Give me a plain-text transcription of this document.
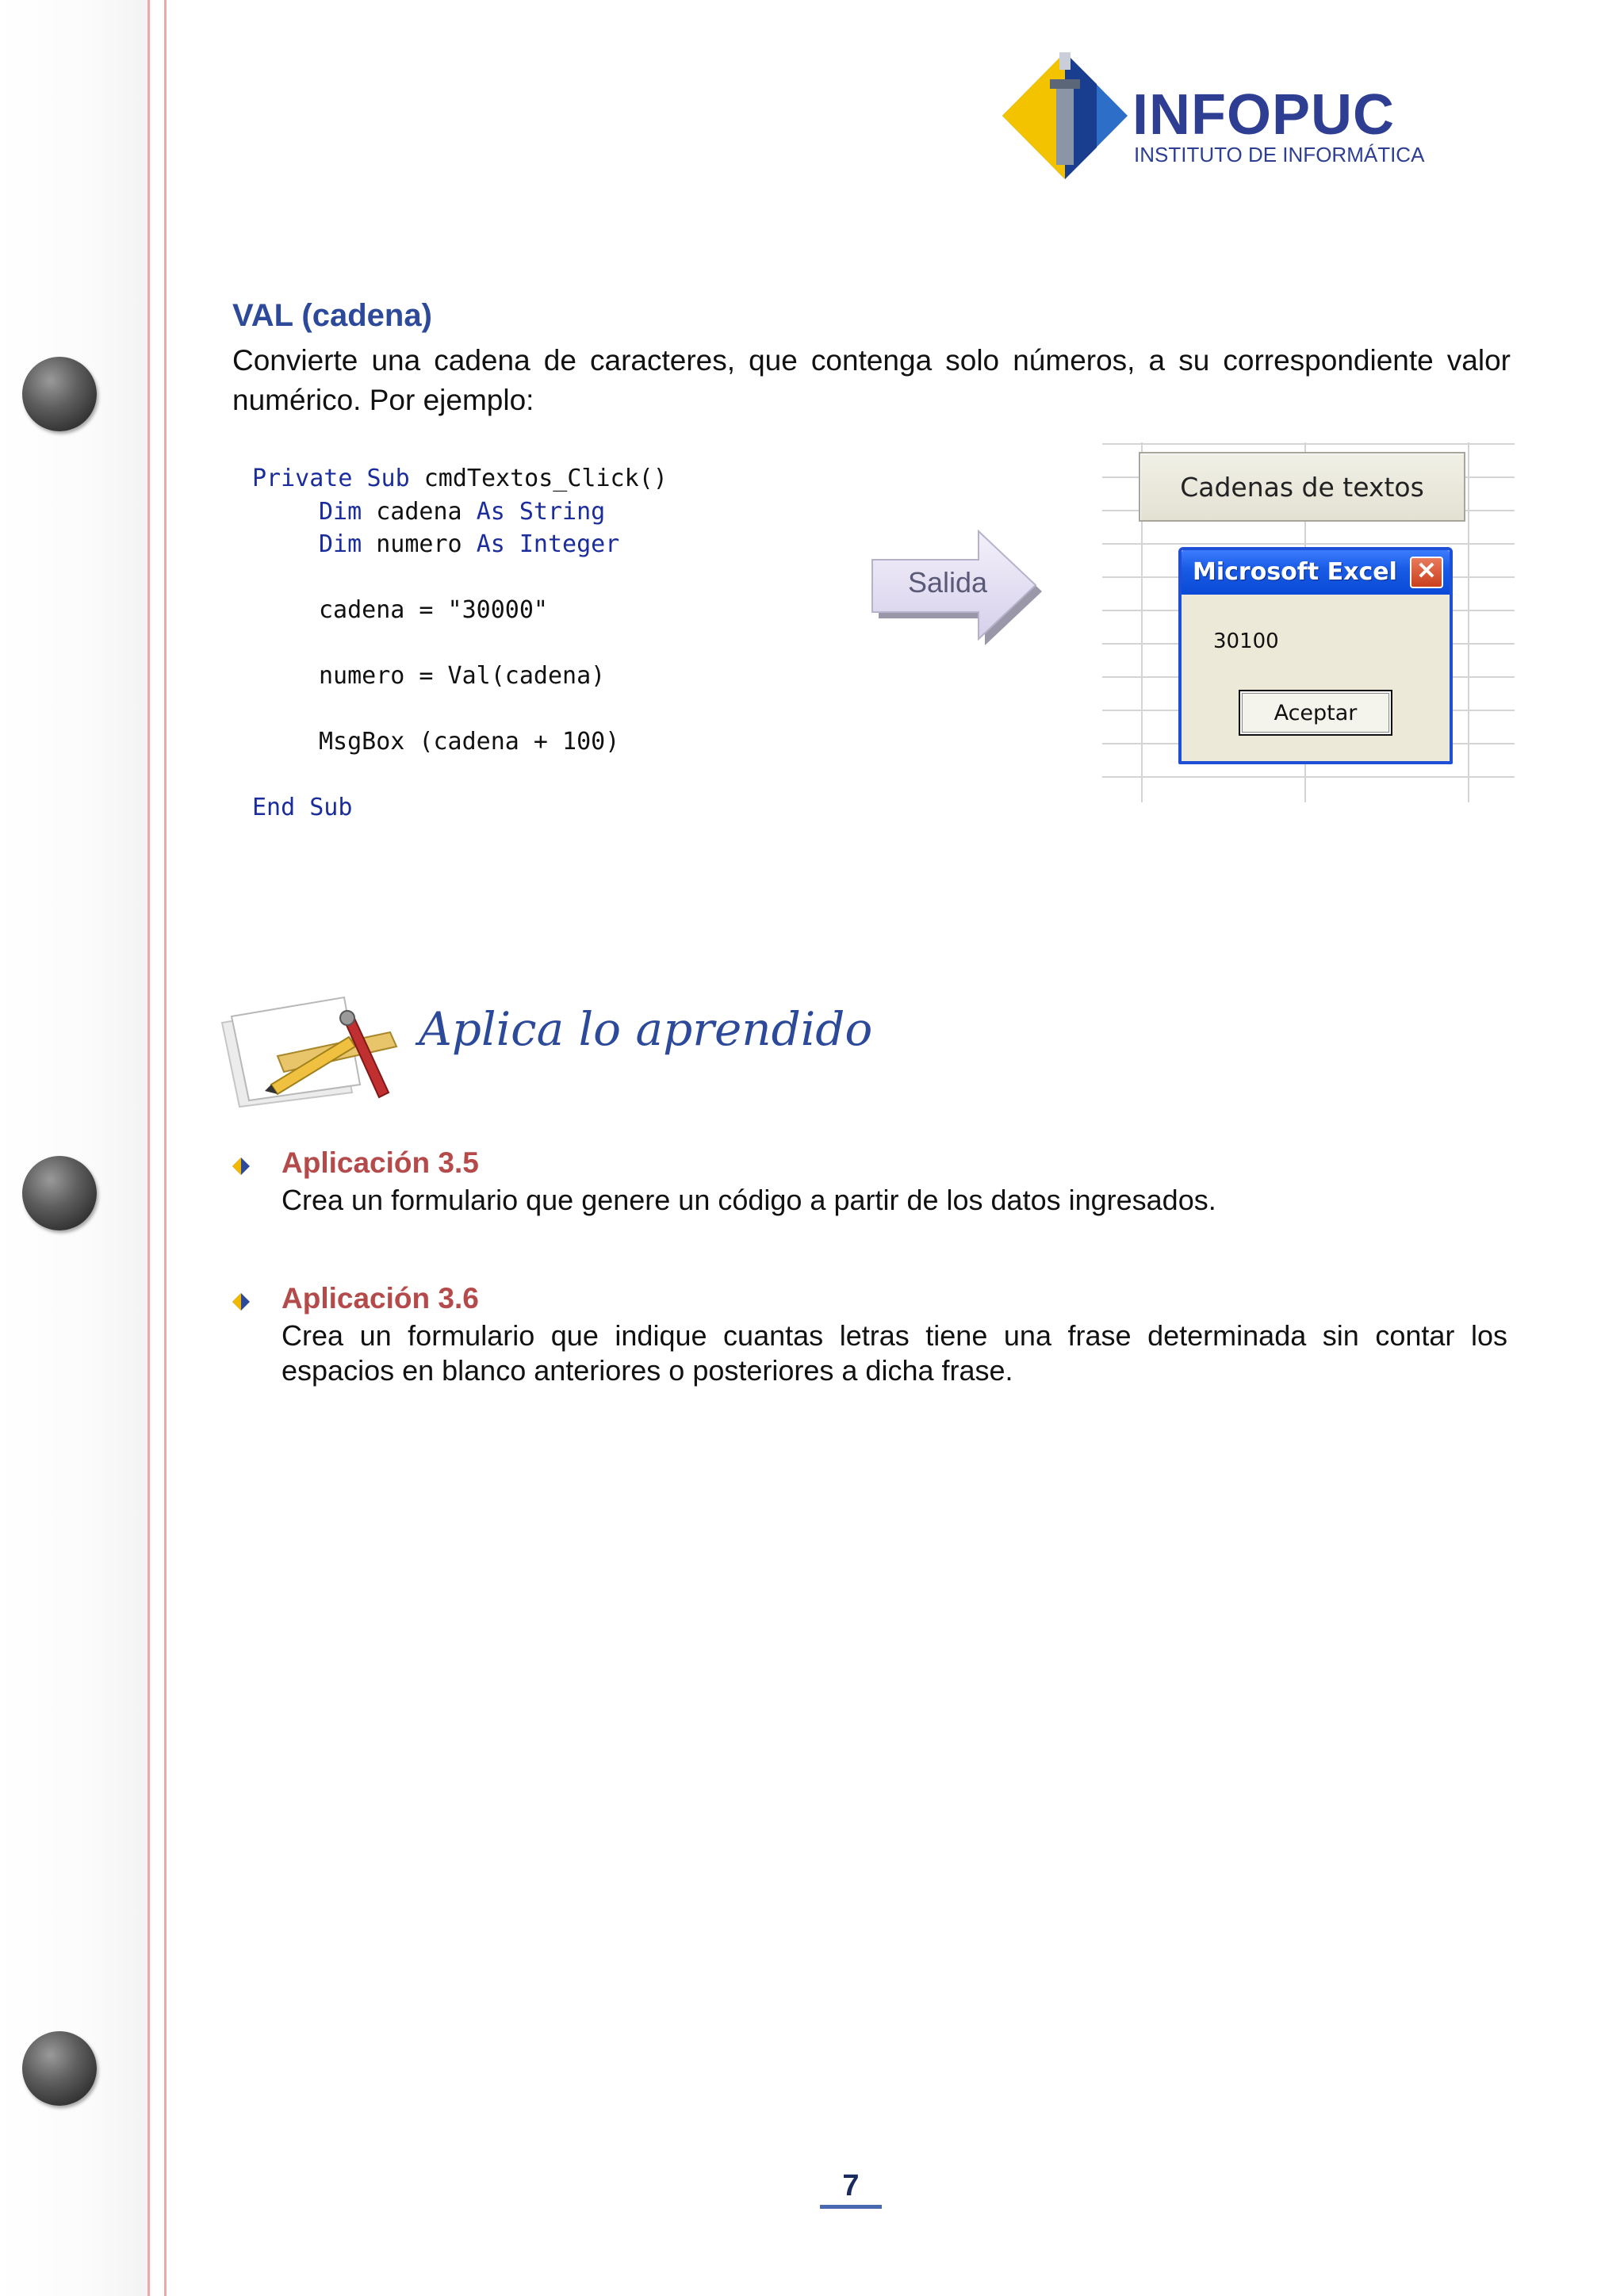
INFOPUC
INSTITUTO DE INFORMÁTICA
VAL (cadena)
Convierte una cadena de caracteres, que contenga solo números, a su correspondiente valor numérico. Por ejemplo:
Private Sub cmdTextos_Click()
Dim cadena As String
Dim numero As Integer
cadena = "30000"
numero = Val(cadena)
MsgBox (cadena + 100)
End Sub
Salida
Cadenas de textos
Microsoft Excel ✕
30100
Aceptar
Aplica lo aprendido
Aplicación 3.5
Crea un formulario que genere un código a partir de los datos ingresados.
Aplicación 3.6
Crea un formulario que indique cuantas letras tiene una frase determinada sin contar los espacios en blanco anteriores o posteriores a dicha frase.
7
